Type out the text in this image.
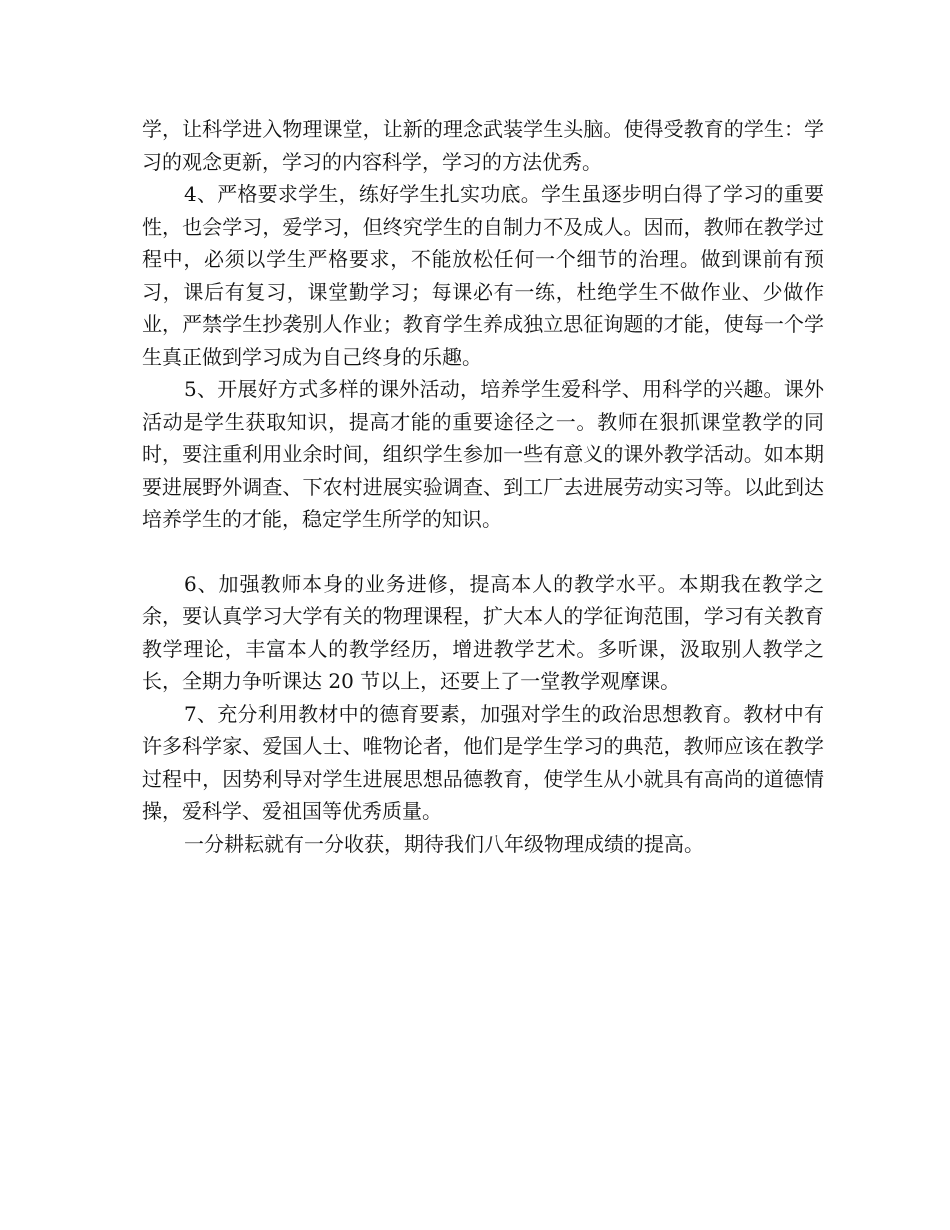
学，让科学进入物理课堂，让新的理念武装学生头脑。使得受教育的学生：学习的观念更新，学习的内容科学，学习的方法优秀。

4、严格要求学生，练好学生扎实功底。学生虽逐步明白得了学习的重要性，也会学习，爱学习，但终究学生的自制力不及成人。因而，教师在教学过程中，必须以学生严格要求，不能放松任何一个细节的治理。做到课前有预习，课后有复习，课堂勤学习；每课必有一练，杜绝学生不做作业、少做作业，严禁学生抄袭别人作业；教育学生养成独立思征询题的才能，使每一个学生真正做到学习成为自己终身的乐趣。

5、开展好方式多样的课外活动，培养学生爱科学、用科学的兴趣。课外活动是学生获取知识，提高才能的重要途径之一。教师在狠抓课堂教学的同时，要注重利用业余时间，组织学生参加一些有意义的课外教学活动。如本期要进展野外调查、下农村进展实验调查、到工厂去进展劳动实习等。以此到达培养学生的才能，稳定学生所学的知识。

6、加强教师本身的业务进修，提高本人的教学水平。本期我在教学之余，要认真学习大学有关的物理课程，扩大本人的学征询范围，学习有关教育教学理论，丰富本人的教学经历，增进教学艺术。多听课，汲取别人教学之长，全期力争听课达 20 节以上，还要上了一堂教学观摩课。

7、充分利用教材中的德育要素，加强对学生的政治思想教育。教材中有许多科学家、爱国人士、唯物论者，他们是学生学习的典范，教师应该在教学过程中，因势利导对学生进展思想品德教育，使学生从小就具有高尚的道德情操，爱科学、爱祖国等优秀质量。

一分耕耘就有一分收获，期待我们八年级物理成绩的提高。
